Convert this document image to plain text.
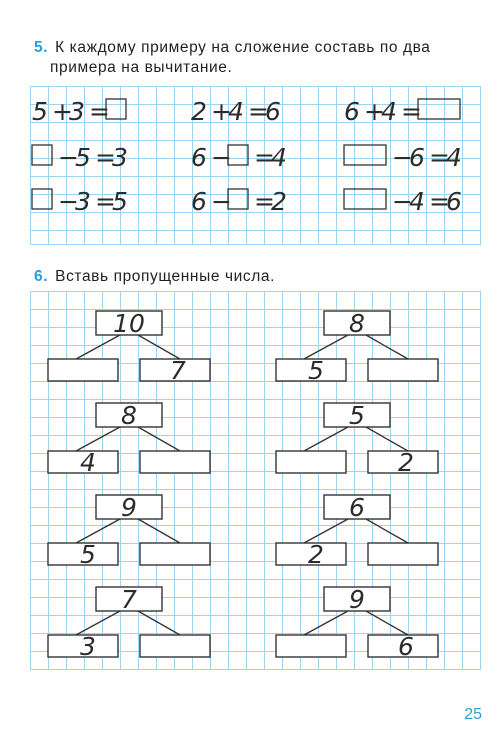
5. К каждому примеру на сложение составь по два
примера на вычитание.
5 +
3 =
−
5 =
3
−
3 =
5
2 +
4 =
6
6 − =
4
6 − =
2
6 +
4 =
−
6 =
4
−
4 =
6
6. Вставь пропущенные числа.
10
7
8
4
9
5
7
3
8
5
5
2
6
2
9
6
25
